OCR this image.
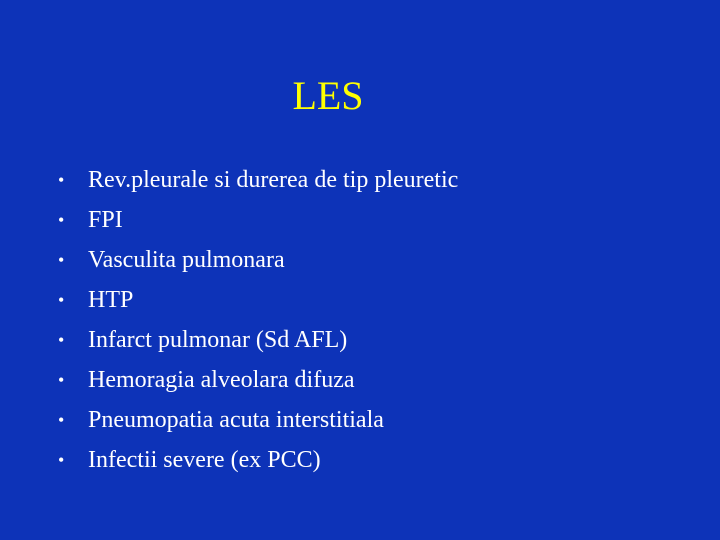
LES
• Rev.pleurale si durerea de tip pleuretic
• FPI
• Vasculita pulmonara
• HTP
• Infarct pulmonar (Sd AFL)
• Hemoragia alveolara difuza
• Pneumopatia acuta interstitiala
• Infectii severe (ex PCC)
